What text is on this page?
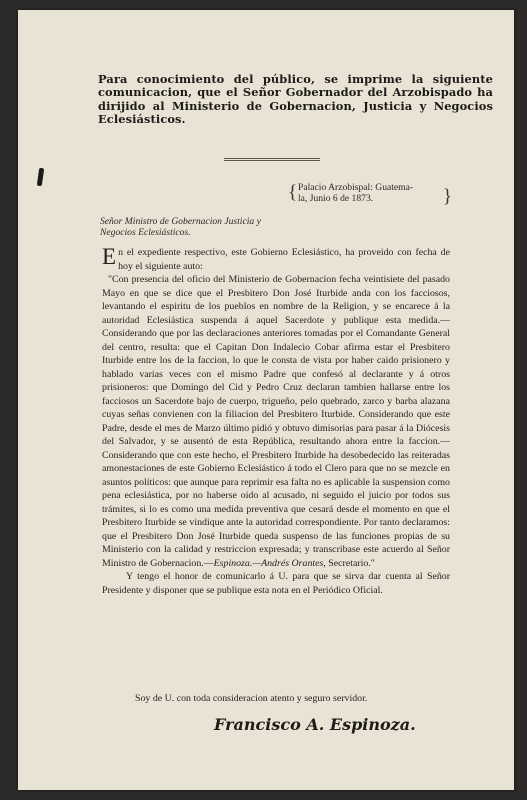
Para conocimiento del público, se imprime la siguiente comunicacion, que el Señor Gobernador del Arzobispado ha dirijido al Ministerio de Gobernacion, Justicia y Negocios Eclesiásticos.
{ Palacio Arzobispal: Guatema-
la, Junio 6 de 1873.	}
Señor Ministro de Gobernacion Justicia y
Negocios Eclesiásticos.

En el expediente respectivo, este Gobierno Eclesiástico, ha proveido con fecha de hoy el siguiente auto:

"Con presencia del oficio del Ministerio de Gobernacion fecha veintisiete del pasado Mayo en que se dice que el Presbitero Don José Iturbide anda con los facciosos, levantando el espiritu de los pueblos en nombre de la Religion, y se encarece á la autoridad Eclesiástica suspenda á aquel Sacerdote y publique esta medida.— Considerando que por las declaraciones anteriores tomadas por el Comandante General del centro, resulta: que el Capitan Don Indalecio Cobar afirma estar el Presbitero Iturbide entre los de la faccion, lo que le consta de vista por haber caido prisionero y hablado varias veces con el mismo Padre que confesó al declarante y á otros prisioneros: que Domingo del Cid y Pedro Cruz declaran tambien hallarse entre los facciosos un Sacerdote bajo de cuerpo, trigueño, pelo quebrado, zarco y barba alazana cuyas señas convienen con la filiacion del Presbitero Iturbide. Considerando que este Padre, desde el mes de Marzo último pidió y obtuvo dimisorias para pasar á la Diócesis del Salvador, y se ausentó de esta República, resultando ahora entre la faccion.—Considerando que con este hecho, el Presbitero Iturbide ha desobedecido las reiteradas amonestaciones de este Gobierno Eclesiástico á todo el Clero para que no se mezcle en asuntos políticos: que aunque para reprimir esa falta no es aplicable la suspension como pena eclesiástica, por no haberse oido al acusado, ni seguido el juicio por todos sus trámites, si lo es como una medida preventiva que cesará desde el momento en que el Presbitero Iturbide se vindique ante la autoridad correspondiente. Por tanto declaramos: que el Presbitero Don José Iturbide queda suspenso de las funciones propias de su Ministerio con la calidad y restriccion expresada; y transcribase este acuerdo al Señor Ministro de Gobernacion.—Espinoza.—Andrés Orantes, Secretario."

Y tengo el honor de comunicarlo á U. para que se sirva dar cuenta al Señor Presidente y disponer que se publique esta nota en el Periódico Oficial.

Soy de U. con toda consideracion atento y seguro servidor.
Francisco A. Espinoza.
